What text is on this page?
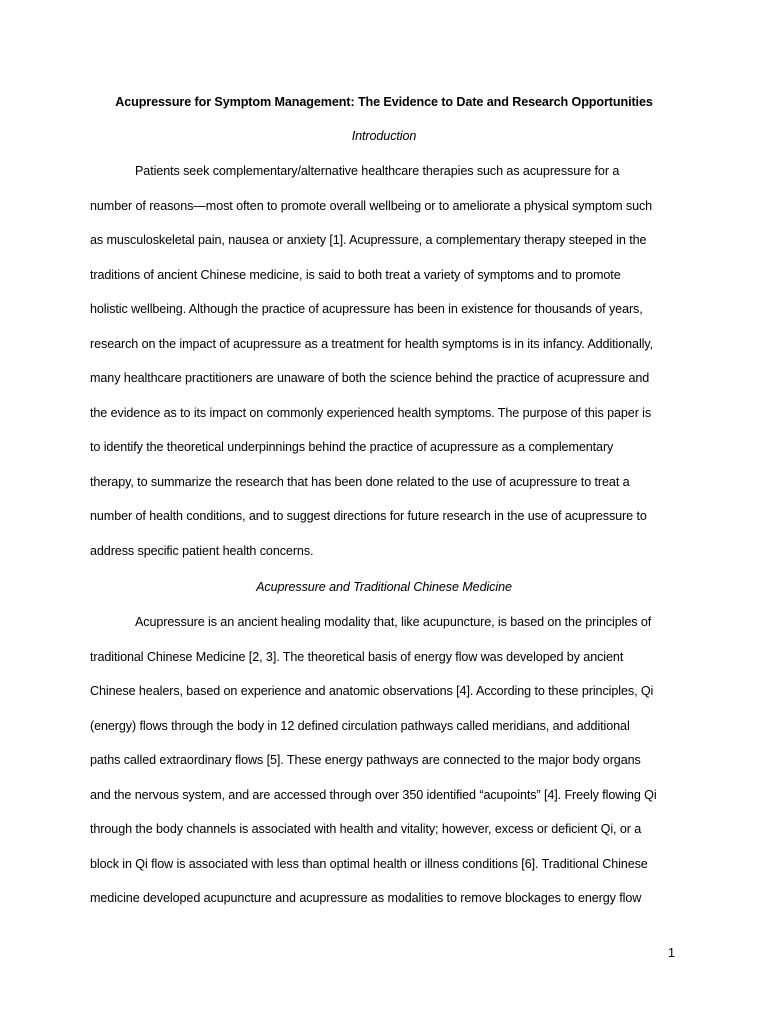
Acupressure for Symptom Management: The Evidence to Date and Research Opportunities
Introduction
Patients seek complementary/alternative healthcare therapies such as acupressure for a
number of reasons—most often to promote overall wellbeing or to ameliorate a physical symptom such
as musculoskeletal pain, nausea or anxiety [1]. Acupressure, a complementary therapy steeped in the
traditions of ancient Chinese medicine, is said to both treat a variety of symptoms and to promote
holistic wellbeing. Although the practice of acupressure has been in existence for thousands of years,
research on the impact of acupressure as a treatment for health symptoms is in its infancy. Additionally,
many healthcare practitioners are unaware of both the science behind the practice of acupressure and
the evidence as to its impact on commonly experienced health symptoms. The purpose of this paper is
to identify the theoretical underpinnings behind the practice of acupressure as a complementary
therapy, to summarize the research that has been done related to the use of acupressure to treat a
number of health conditions, and to suggest directions for future research in the use of acupressure to
address specific patient health concerns.
Acupressure and Traditional Chinese Medicine
Acupressure is an ancient healing modality that, like acupuncture, is based on the principles of
traditional Chinese Medicine [2, 3]. The theoretical basis of energy flow was developed by ancient
Chinese healers, based on experience and anatomic observations [4]. According to these principles, Qi
(energy) flows through the body in 12 defined circulation pathways called meridians, and additional
paths called extraordinary flows [5]. These energy pathways are connected to the major body organs
and the nervous system, and are accessed through over 350 identified “acupoints” [4]. Freely flowing Qi
through the body channels is associated with health and vitality; however, excess or deficient Qi, or a
block in Qi flow is associated with less than optimal health or illness conditions [6]. Traditional Chinese
medicine developed acupuncture and acupressure as modalities to remove blockages to energy flow
1
